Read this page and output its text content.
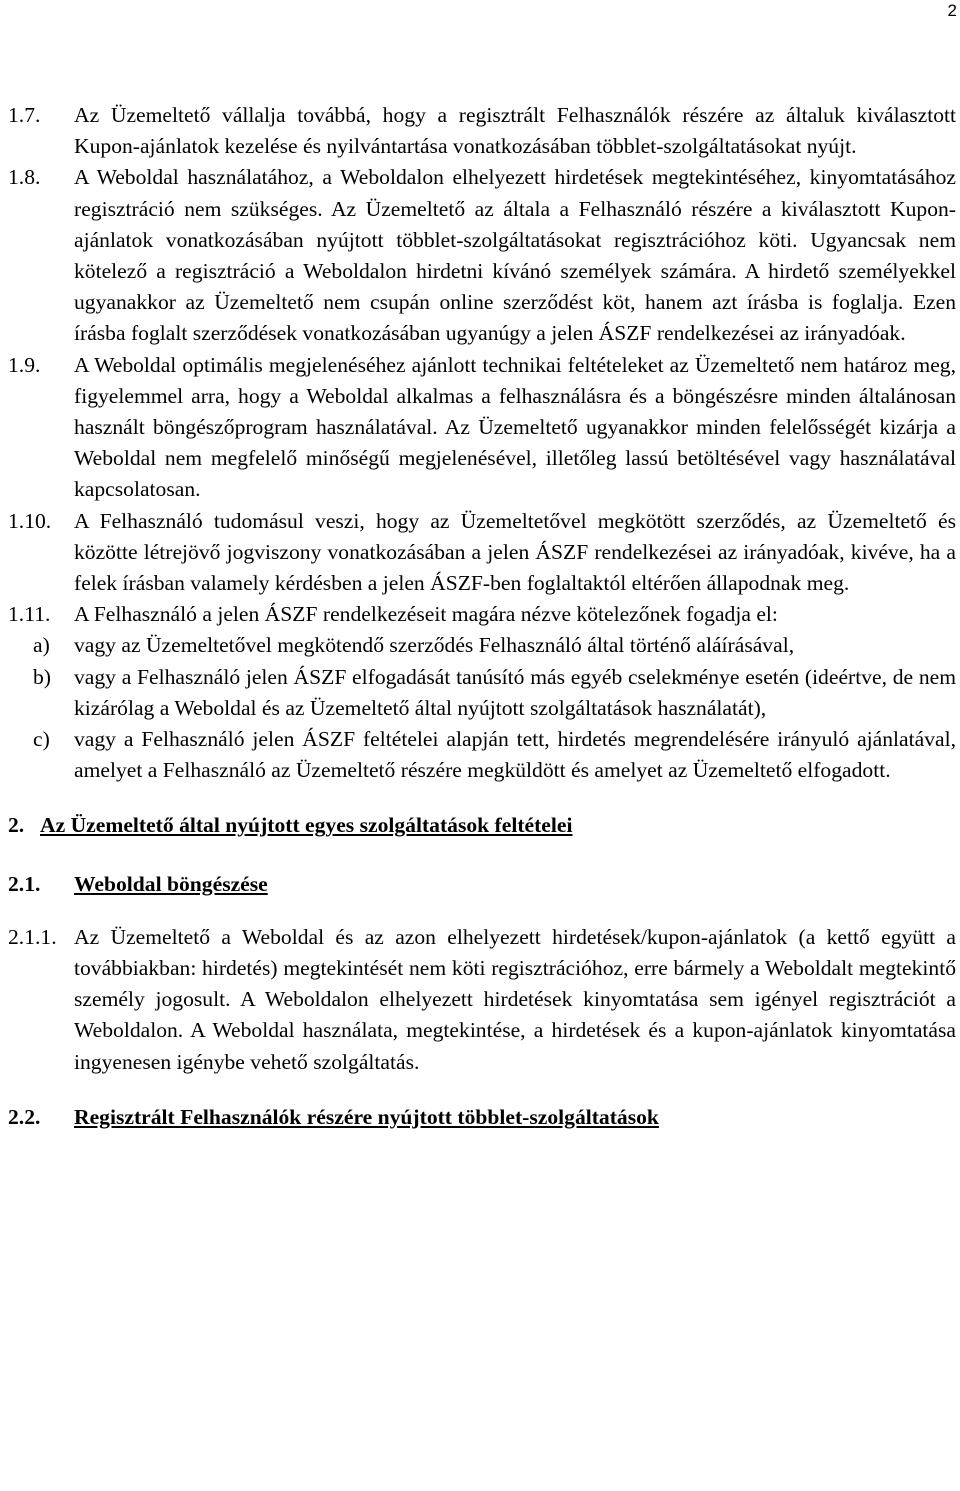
2
1.7.	Az Üzemeltető vállalja továbbá, hogy a regisztrált Felhasználók részére az általuk kiválasztott Kupon-ajánlatok kezelése és nyilvántartása vonatkozásában többlet-szolgáltatásokat nyújt.
1.8.	A Weboldal használatához, a Weboldalon elhelyezett hirdetések megtekintéséhez, kinyomtatásához regisztráció nem szükséges. Az Üzemeltető az általa a Felhasználó részére a kiválasztott Kupon-ajánlatok vonatkozásában nyújtott többlet-szolgáltatásokat regisztrációhoz köti. Ugyancsak nem kötelező a regisztráció a Weboldalon hirdetni kívánó személyek számára. A hirdető személyekkel ugyanakkor az Üzemeltető nem csupán online szerződést köt, hanem azt írásba is foglalja. Ezen írásba foglalt szerződések vonatkozásában ugyanúgy a jelen ÁSZF rendelkezései az irányadóak.
1.9.	A Weboldal optimális megjelenéséhez ajánlott technikai feltételeket az Üzemeltető nem határoz meg, figyelemmel arra, hogy a Weboldal alkalmas a felhasználásra és a böngészésre minden általánosan használt böngészőprogram használatával. Az Üzemeltető ugyanakkor minden felelősségét kizárja a Weboldal nem megfelelő minőségű megjelenésével, illetőleg lassú betöltésével vagy használatával kapcsolatosan.
1.10.	A Felhasználó tudomásul veszi, hogy az Üzemeltetővel megkötött szerződés, az Üzemeltető és közötte létrejövő jogviszony vonatkozásában a jelen ÁSZF rendelkezései az irányadóak, kivéve, ha a felek írásban valamely kérdésben a jelen ÁSZF-ben foglaltaktól eltérően állapodnak meg.
1.11.	A Felhasználó a jelen ÁSZF rendelkezéseit magára nézve kötelezőnek fogadja el:
a)	vagy az Üzemeltetővel megkötendő szerződés Felhasználó által történő aláírásával,
b)	vagy a Felhasználó jelen ÁSZF elfogadását tanúsító más egyéb cselekménye esetén (ideértve, de nem kizárólag a Weboldal és az Üzemeltető által nyújtott szolgáltatások használatát),
c)	vagy a Felhasználó jelen ÁSZF feltételei alapján tett, hirdetés megrendelésére irányuló ajánlatával, amelyet a Felhasználó az Üzemeltető részére megküldött és amelyet az Üzemeltető elfogadott.
2. Az Üzemeltető által nyújtott egyes szolgáltatások feltételei
2.1.	Weboldal böngészése
2.1.1. Az Üzemeltető a Weboldal és az azon elhelyezett hirdetések/kupon-ajánlatok (a kettő együtt a továbbiakban: hirdetés) megtekintését nem köti regisztrációhoz, erre bármely a Weboldalt megtekintő személy jogosult. A Weboldalon elhelyezett hirdetések kinyomtatása sem igényel regisztrációt a Weboldalon. A Weboldal használata, megtekintése, a hirdetések és a kupon-ajánlatok kinyomtatása ingyenesen igénybe vehető szolgáltatás.
2.2.	Regisztrált Felhasználók részére nyújtott többlet-szolgáltatások
